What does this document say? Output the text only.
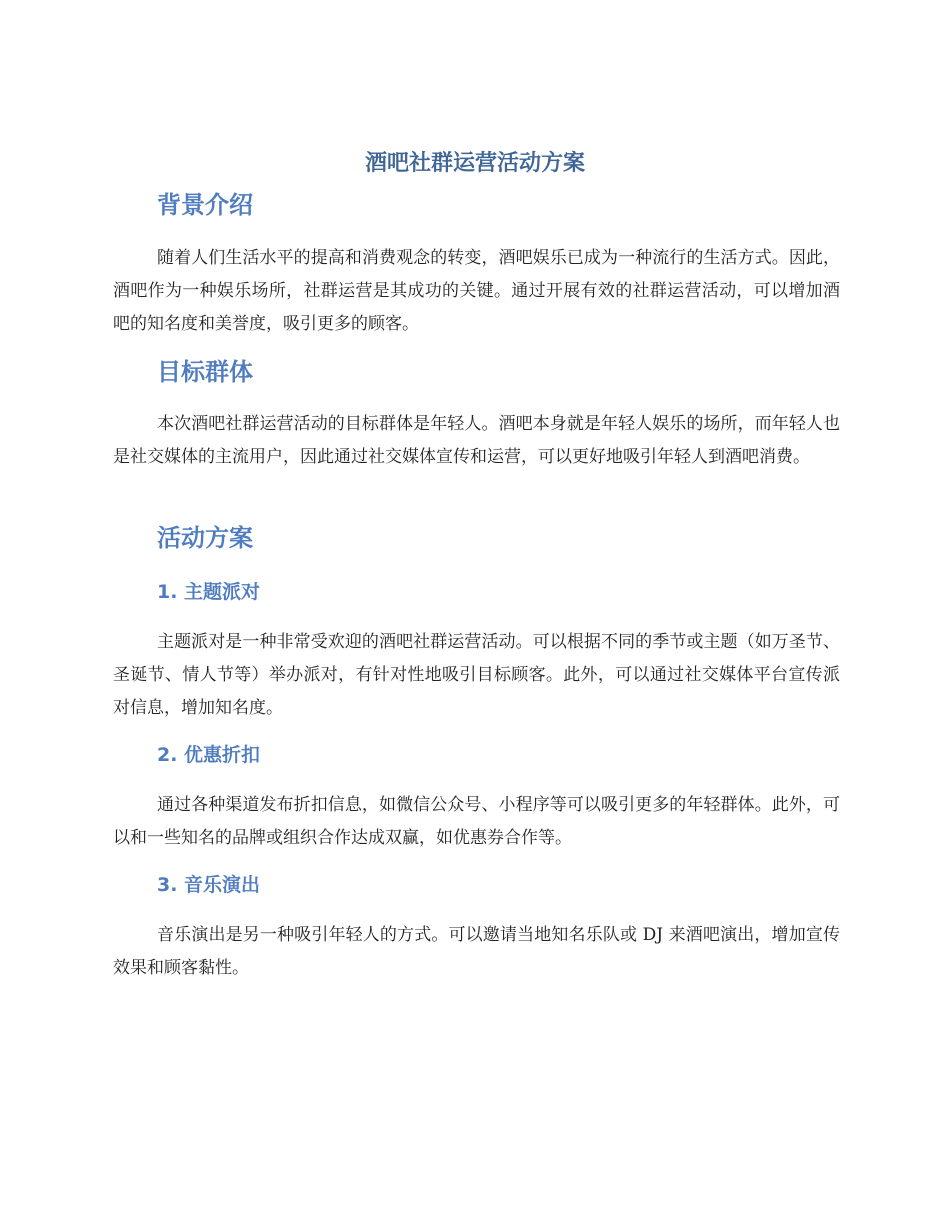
酒吧社群运营活动方案
背景介绍

随着人们生活水平的提高和消费观念的转变，酒吧娱乐已成为一种流行的生活方式。因此，酒吧作为一种娱乐场所，社群运营是其成功的关键。通过开展有效的社群运营活动，可以增加酒吧的知名度和美誉度，吸引更多的顾客。

目标群体

本次酒吧社群运营活动的目标群体是年轻人。酒吧本身就是年轻人娱乐的场所，而年轻人也是社交媒体的主流用户，因此通过社交媒体宣传和运营，可以更好地吸引年轻人到酒吧消费。

活动方案
1. 主题派对

主题派对是一种非常受欢迎的酒吧社群运营活动。可以根据不同的季节或主题（如万圣节、圣诞节、情人节等）举办派对，有针对性地吸引目标顾客。此外，可以通过社交媒体平台宣传派对信息，增加知名度。

2. 优惠折扣

通过各种渠道发布折扣信息，如微信公众号、小程序等可以吸引更多的年轻群体。此外，可以和一些知名的品牌或组织合作达成双赢，如优惠券合作等。

3. 音乐演出

音乐演出是另一种吸引年轻人的方式。可以邀请当地知名乐队或 DJ 来酒吧演出，增加宣传效果和顾客黏性。
